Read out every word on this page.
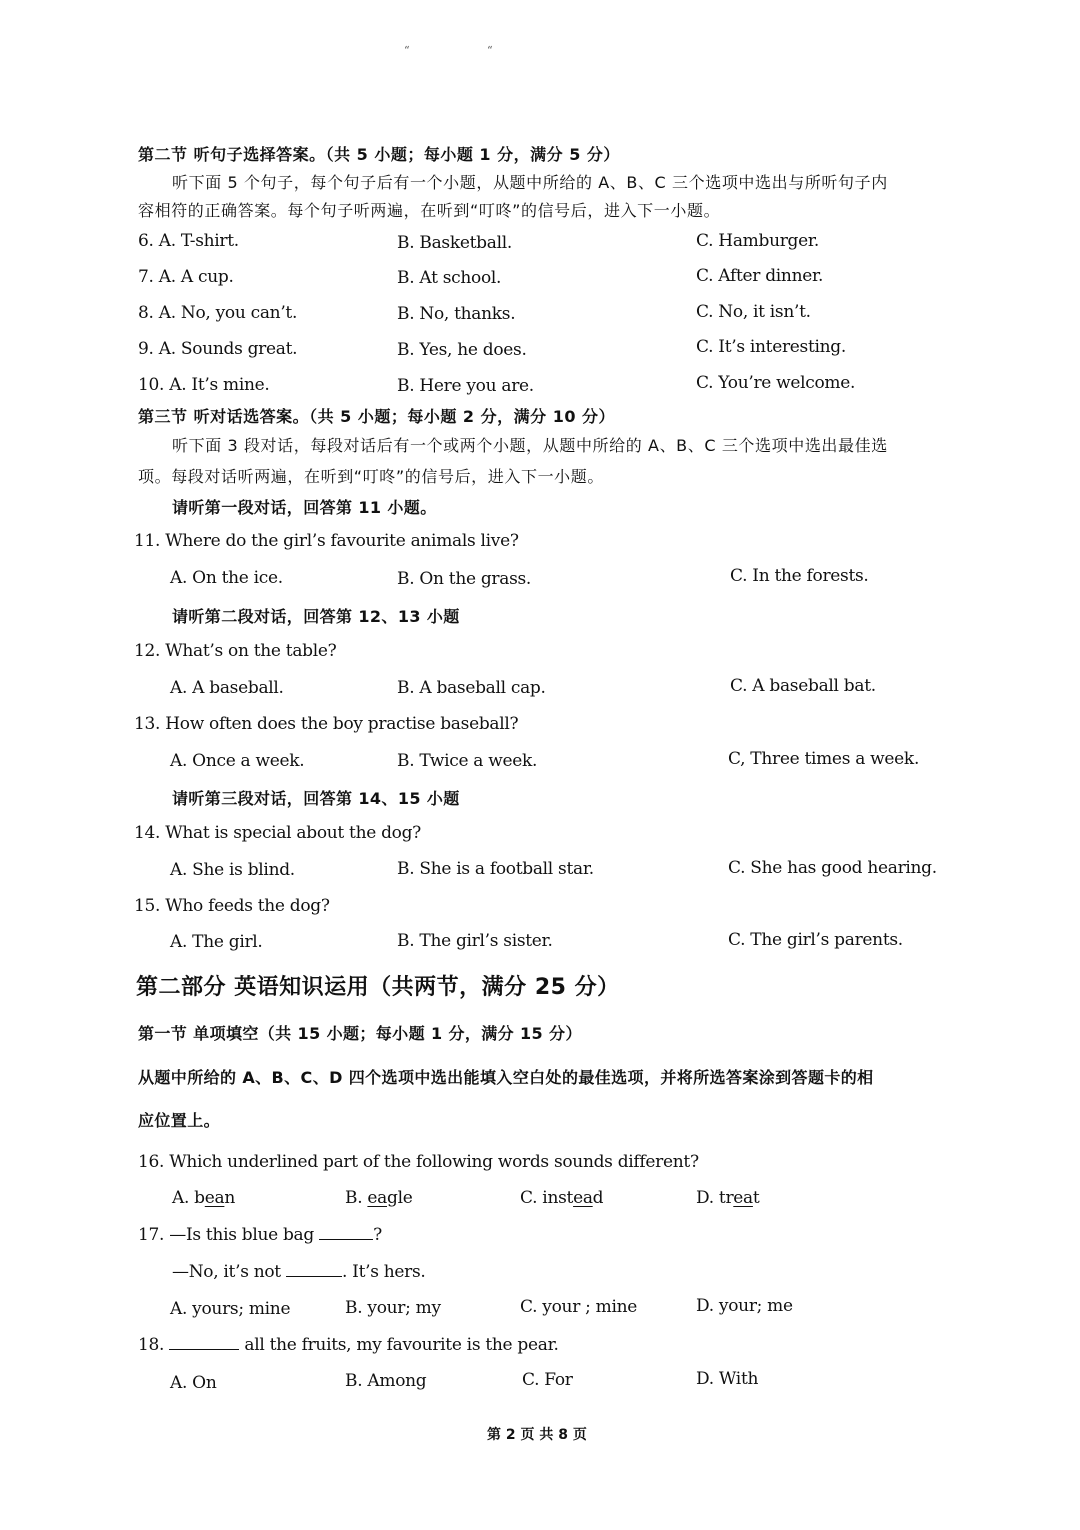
“	“
第二节 听句子选择答案。（共 5 小题；每小题 1 分，满分 5 分）
听下面 5 个句子，每个句子后有一个小题，从题中所给的 A、B、C 三个选项中选出与所听句子内
容相符的正确答案。每个句子听两遍，在听到“叮咚”的信号后，进入下一小题。
6. A. T-shirt.	B. Basketball.	C. Hamburger.
7. A. A cup.	B. At school.	C. After dinner.
8. A. No, you can’t.	B. No, thanks.	C. No, it isn’t.
9. A. Sounds great.	B. Yes, he does.	C. It’s interesting.
10. A. It’s mine.	B. Here you are.	C. You’re welcome.
第三节 听对话选答案。（共 5 小题；每小题 2 分，满分 10 分）
听下面 3 段对话，每段对话后有一个或两个小题，从题中所给的 A、B、C 三个选项中选出最佳选
项。每段对话听两遍，在听到“叮咚”的信号后，进入下一小题。
请听第一段对话，回答第 11 小题。
11. Where do the girl’s favourite animals live?
A. On the ice.	B. On the grass.	C. In the forests.
请听第二段对话，回答第 12、13 小题
12. What’s on the table?
A. A baseball.	B. A baseball cap.	C. A baseball bat.
13. How often does the boy practise baseball?
A. Once a week.	B. Twice a week.	C, Three times a week.
请听第三段对话，回答第 14、15 小题
14. What is special about the dog?
A. She is blind.	B. She is a football star.	C. She has good hearing.
15. Who feeds the dog?
A. The girl.	B. The girl’s sister.	C. The girl’s parents.
第二部分 英语知识运用（共两节，满分 25 分）
第一节 单项填空（共 15 小题；每小题 1 分，满分 15 分）
从题中所给的 A、B、C、D 四个选项中选出能填入空白处的最佳选项，并将所选答案涂到答题卡的相
应位置上。
16. Which underlined part of the following words sounds different?
A. bean	B. eagle	C. instead	D. treat
17. —Is this blue bag	?
—No, it’s not	. It’s hers.
A. yours; mine	B. your; my	C. your ; mine	D. your; me
18.	all the fruits, my favourite is the pear.
A. On	B. Among	C. For	D. With
第 2 页 共 8 页
